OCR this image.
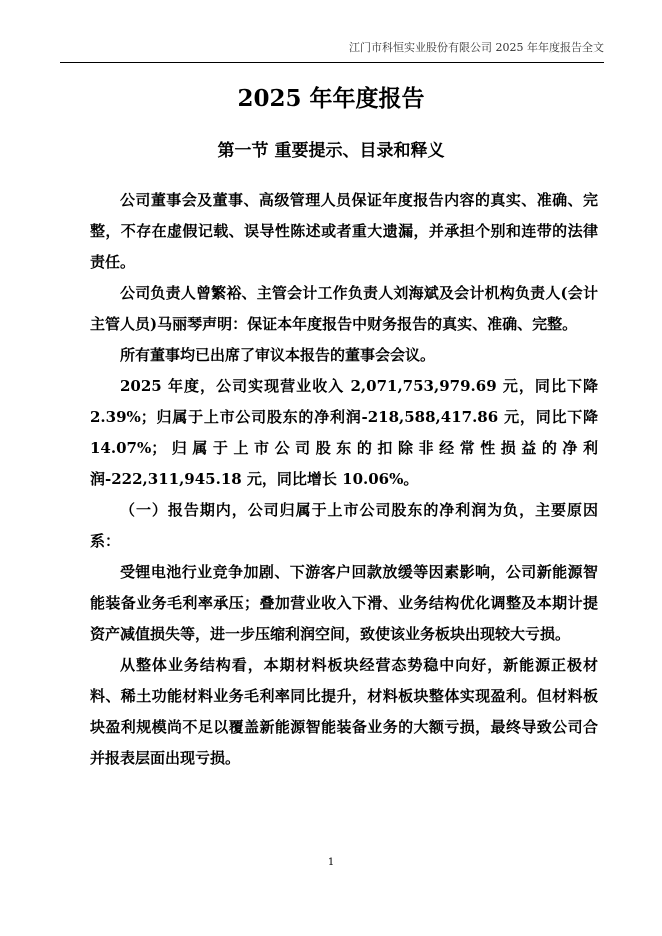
江门市科恒实业股份有限公司 2025 年年度报告全文
2025 年年度报告
第一节 重要提示、目录和释义

公司董事会及董事、高级管理人员保证年度报告内容的真实、准确、完整，不存在虚假记载、误导性陈述或者重大遗漏，并承担个别和连带的法律责任。

公司负责人曾繁裕、主管会计工作负责人刘海斌及会计机构负责人(会计主管人员)马丽琴声明：保证本年度报告中财务报告的真实、准确、完整。

所有董事均已出席了审议本报告的董事会会议。

2025 年度，公司实现营业收入 2,071,753,979.69 元，同比下降 2.39%；归属于上市公司股东的净利润-218,588,417.86 元，同比下降 14.07%；归属于上市公司股东的扣除非经常性损益的净利润-222,311,945.18 元，同比增长 10.06%。

（一）报告期内，公司归属于上市公司股东的净利润为负，主要原因系：

受锂电池行业竞争加剧、下游客户回款放缓等因素影响，公司新能源智能装备业务毛利率承压；叠加营业收入下滑、业务结构优化调整及本期计提资产减值损失等，进一步压缩利润空间，致使该业务板块出现较大亏损。

从整体业务结构看，本期材料板块经营态势稳中向好，新能源正极材料、稀土功能材料业务毛利率同比提升，材料板块整体实现盈利。但材料板块盈利规模尚不足以覆盖新能源智能装备业务的大额亏损，最终导致公司合并报表层面出现亏损。

1
